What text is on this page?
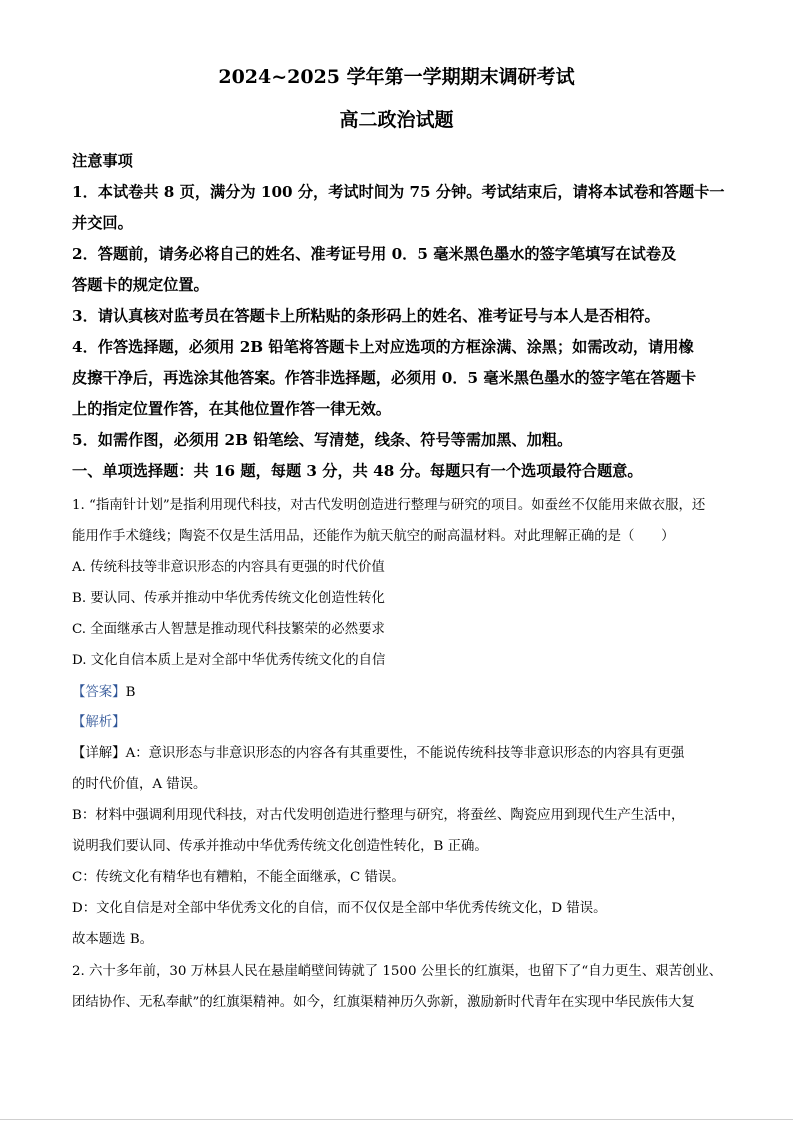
2024~2025 学年第一学期期末调研考试
高二政治试题
注意事项
1．本试卷共 8 页，满分为 100 分，考试时间为 75 分钟。考试结束后，请将本试卷和答题卡一
并交回。
2．答题前，请务必将自己的姓名、准考证号用 0．5 毫米黑色墨水的签字笔填写在试卷及
答题卡的规定位置。
3．请认真核对监考员在答题卡上所粘贴的条形码上的姓名、准考证号与本人是否相符。
4．作答选择题，必须用 2B 铅笔将答题卡上对应选项的方框涂满、涂黑；如需改动，请用橡
皮擦干净后，再选涂其他答案。作答非选择题，必须用 0．5 毫米黑色墨水的签字笔在答题卡
上的指定位置作答，在其他位置作答一律无效。
5．如需作图，必须用 2B 铅笔绘、写清楚，线条、符号等需加黑、加粗。
一、单项选择题：共 16 题，每题 3 分，共 48 分。每题只有一个选项最符合题意。
1. “指南针计划”是指利用现代科技，对古代发明创造进行整理与研究的项目。如蚕丝不仅能用来做衣服，还
能用作手术缝线；陶瓷不仅是生活用品，还能作为航天航空的耐高温材料。对此理解正确的是（　　）
A. 传统科技等非意识形态的内容具有更强的时代价值
B. 要认同、传承并推动中华优秀传统文化创造性转化
C. 全面继承古人智慧是推动现代科技繁荣的必然要求
D. 文化自信本质上是对全部中华优秀传统文化的自信
【答案】B
【解析】
【详解】A：意识形态与非意识形态的内容各有其重要性，不能说传统科技等非意识形态的内容具有更强
的时代价值，A 错误。
B：材料中强调利用现代科技，对古代发明创造进行整理与研究，将蚕丝、陶瓷应用到现代生产生活中，
说明我们要认同、传承并推动中华优秀传统文化创造性转化，B 正确。
C：传统文化有精华也有糟粕，不能全面继承，C 错误。
D：文化自信是对全部中华优秀文化的自信，而不仅仅是全部中华优秀传统文化，D 错误。
故本题选 B。
2. 六十多年前，30 万林县人民在悬崖峭壁间铸就了 1500 公里长的红旗渠，也留下了“自力更生、艰苦创业、
团结协作、无私奉献”的红旗渠精神。如今，红旗渠精神历久弥新，激励新时代青年在实现中华民族伟大复
